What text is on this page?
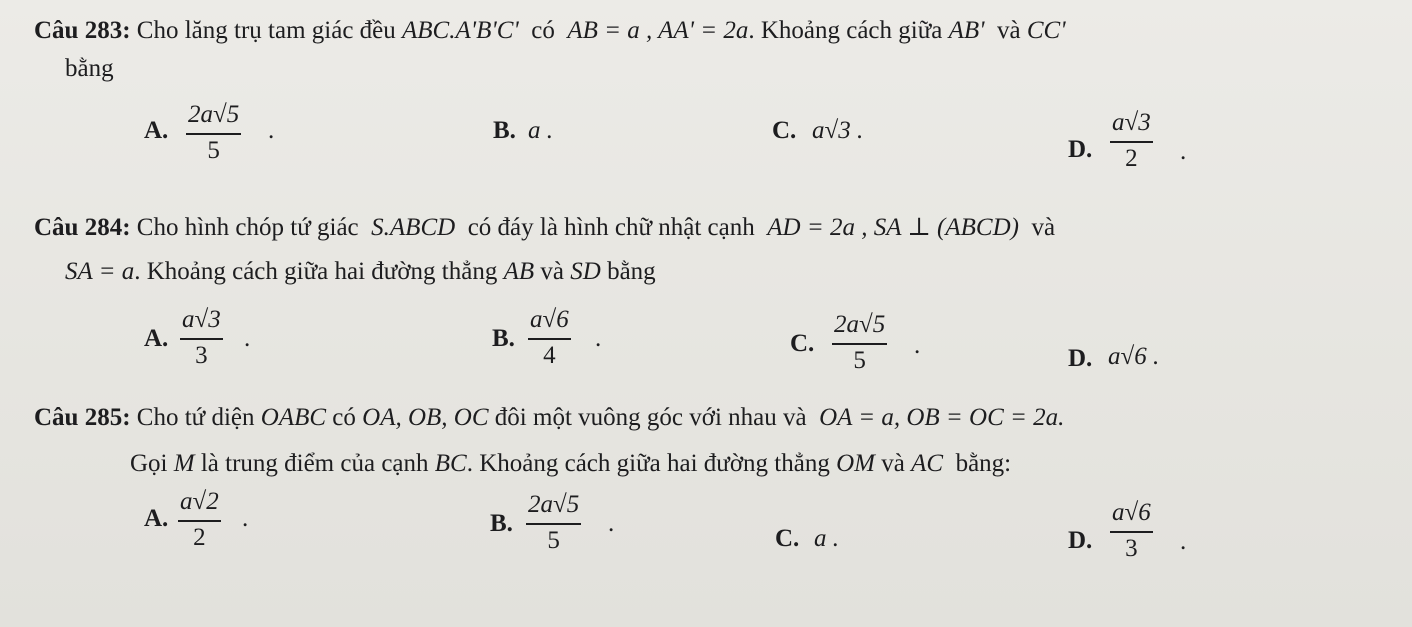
Câu 283: Cho lăng trụ tam giác đều ABC.A'B'C' có AB = a , AA' = 2a. Khoảng cách giữa AB' và CC'
bằng
A. $\frac{2a√5}{5}$ .	B. a .	C. a√3 .
D. $\frac{a√3}{2}$ .
Câu 284: Cho hình chóp tứ giác S.ABCD có đáy là hình chữ nhật cạnh AD = 2a , SA ⊥ (ABCD) và
SA = a. Khoảng cách giữa hai đường thẳng AB và SD bằng
A. $\frac{a√3}{3}$ .	B. $\frac{a√6}{4}$ .	C. $\frac{2a√5}{5}$ .	D. a√6 .
Câu 285: Cho tứ diện OABC có OA, OB, OC đôi một vuông góc với nhau và OA = a, OB = OC = 2a.
Gọi M là trung điểm của cạnh BC. Khoảng cách giữa hai đường thẳng OM và AC bằng:
A. $\frac{a√2}{2}$ .	B. $\frac{2a√5}{5}$ .
C. a .	D. $\frac{a√6}{3}$ .
